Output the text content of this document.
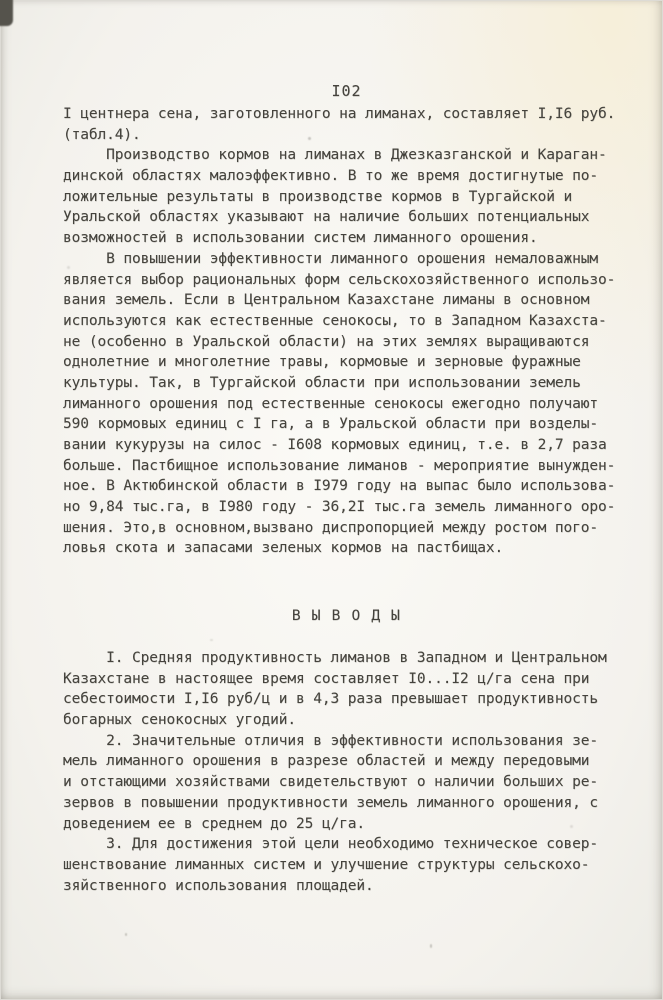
I02
I центнера сена, заготовленного на лиманах, составляет I,I6 руб.
(табл.4).
Производство кормов на лиманах в Джезказганской и Караган-
динской областях малоэффективно. В то же время достигнутые по-
ложительные результаты в производстве кормов в Тургайской и
Уральской областях указывают на наличие больших потенциальных
возможностей в использовании систем лиманного орошения.
В повышении эффективности лиманного орошения немаловажным
является выбор рациональных форм сельскохозяйственного использо-
вания земель. Если в Центральном Казахстане лиманы в основном
используются как естественные сенокосы, то в Западном Казахста-
не (особенно в Уральской области) на этих землях выращиваются
однолетние и многолетние травы, кормовые и зерновые фуражные
культуры. Так, в Тургайской области при использовании земель
лиманного орошения под естественные сенокосы ежегодно получают
590 кормовых единиц с I га, а в Уральской области при возделы-
вании кукурузы на силос - I608 кормовых единиц, т.е. в 2,7 раза
больше. Пастбищное использование лиманов - мероприятие вынужден-
ное. В Актюбинской области в I979 году на выпас было использова-
но 9,84 тыс.га, в I980 году - 36,2I тыс.га земель лиманного оро-
шения. Это,в основном,вызвано диспропорцией между ростом пого-
ловья скота и запасами зеленых кормов на пастбищах.
В Ы В О Д Ы
I. Средняя продуктивность лиманов в Западном и Центральном
Казахстане в настоящее время составляет I0...I2 ц/га сена при
себестоимости I,I6 руб/ц и в 4,3 раза превышает продуктивность
богарных сенокосных угодий.
2. Значительные отличия в эффективности использования зе-
мель лиманного орошения в разрезе областей и между передовыми
и отстающими хозяйствами свидетельствуют о наличии больших ре-
зервов в повышении продуктивности земель лиманного орошения, с
доведением ее в среднем до 25 ц/га.
3. Для достижения этой цели необходимо техническое совер-
шенствование лиманных систем и улучшение структуры сельскохо-
зяйственного использования площадей.
